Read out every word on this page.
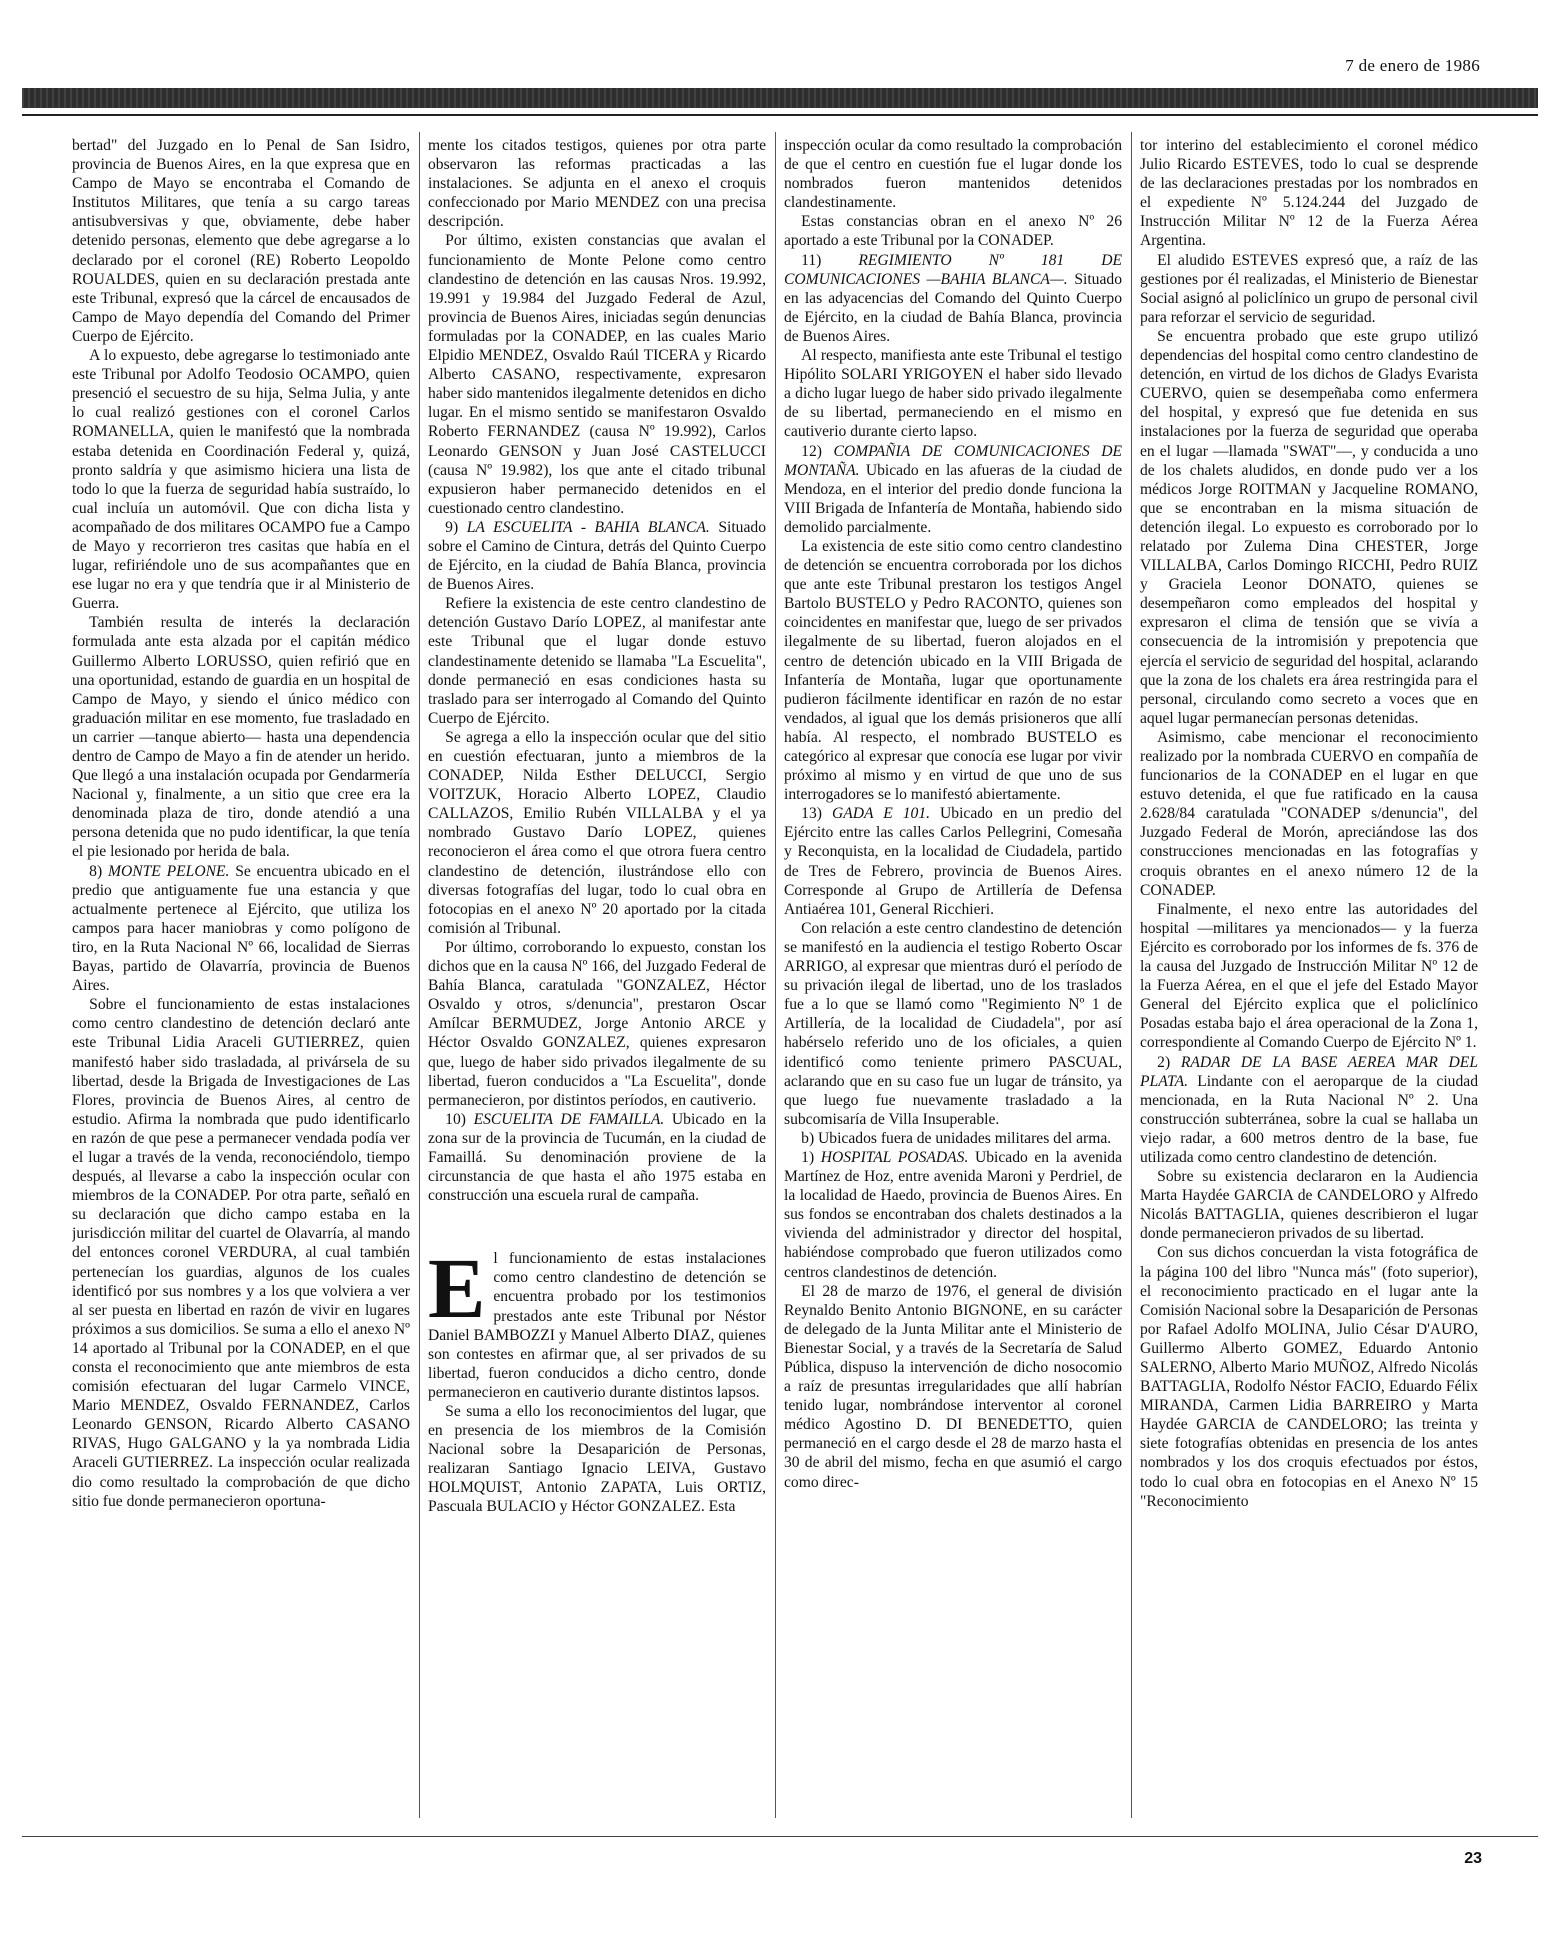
7 de enero de 1986

bertad" del Juzgado en lo Penal de San Isidro, provincia de Buenos Aires, en la que expresa que en Campo de Mayo se encontraba el Comando de Institutos Militares, que tenía a su cargo tareas antisubversivas y que, obviamente, debe haber detenido personas, elemento que debe agregarse a lo declarado por el coronel (RE) Roberto Leopoldo ROUALDES, quien en su declaración prestada ante este Tribunal, expresó que la cárcel de encausados de Campo de Mayo dependía del Comando del Primer Cuerpo de Ejército.

A lo expuesto, debe agregarse lo testimoniado ante este Tribunal por Adolfo Teodosio OCAMPO, quien presenció el secuestro de su hija, Selma Julia, y ante lo cual realizó gestiones con el coronel Carlos ROMANELLA, quien le manifestó que la nombrada estaba detenida en Coordinación Federal y, quizá, pronto saldría y que asimismo hiciera una lista de todo lo que la fuerza de seguridad había sustraído, lo cual incluía un automóvil. Que con dicha lista y acompañado de dos militares OCAMPO fue a Campo de Mayo y recorrieron tres casitas que había en el lugar, refiriéndole uno de sus acompañantes que en ese lugar no era y que tendría que ir al Ministerio de Guerra.

También resulta de interés la declaración formulada ante esta alzada por el capitán médico Guillermo Alberto LORUSSO, quien refirió que en una oportunidad, estando de guardia en un hospital de Campo de Mayo, y siendo el único médico con graduación militar en ese momento, fue trasladado en un carrier —tanque abierto— hasta una dependencia dentro de Campo de Mayo a fin de atender un herido. Que llegó a una instalación ocupada por Gendarmería Nacional y, finalmente, a un sitio que cree era la denominada plaza de tiro, donde atendió a una persona detenida que no pudo identificar, la que tenía el pie lesionado por herida de bala.

8) MONTE PELONE. Se encuentra ubicado en el predio que antiguamente fue una estancia y que actualmente pertenece al Ejército, que utiliza los campos para hacer maniobras y como polígono de tiro, en la Ruta Nacional Nº 66, localidad de Sierras Bayas, partido de Olavarría, provincia de Buenos Aires.

Sobre el funcionamiento de estas instalaciones como centro clandestino de detención declaró ante este Tribunal Lidia Araceli GUTIERREZ, quien manifestó haber sido trasladada, al privársela de su libertad, desde la Brigada de Investigaciones de Las Flores, provincia de Buenos Aires, al centro de estudio. Afirma la nombrada que pudo identificarlo en razón de que pese a permanecer vendada podía ver el lugar a través de la venda, reconociéndolo, tiempo después, al llevarse a cabo la inspección ocular con miembros de la CONADEP. Por otra parte, señaló en su declaración que dicho campo estaba en la jurisdicción militar del cuartel de Olavarría, al mando del entonces coronel VERDURA, al cual también pertenecían los guardias, algunos de los cuales identificó por sus nombres y a los que volviera a ver al ser puesta en libertad en razón de vivir en lugares próximos a sus domicilios. Se suma a ello el anexo Nº 14 aportado al Tribunal por la CONADEP, en el que consta el reconocimiento que ante miembros de esta comisión efectuaran del lugar Carmelo VINCE, Mario MENDEZ, Osvaldo FERNANDEZ, Carlos Leonardo GENSON, Ricardo Alberto CASANO RIVAS, Hugo GALGANO y la ya nombrada Lidia Araceli GUTIERREZ. La inspección ocular realizada dio como resultado la comprobación de que dicho sitio fue donde permanecieron oportuna-

mente los citados testigos, quienes por otra parte observaron las reformas practicadas a las instalaciones. Se adjunta en el anexo el croquis confeccionado por Mario MENDEZ con una precisa descripción.

Por último, existen constancias que avalan el funcionamiento de Monte Pelone como centro clandestino de detención en las causas Nros. 19.992, 19.991 y 19.984 del Juzgado Federal de Azul, provincia de Buenos Aires, iniciadas según denuncias formuladas por la CONADEP, en las cuales Mario Elpidio MENDEZ, Osvaldo Raúl TICERA y Ricardo Alberto CASANO, respectivamente, expresaron haber sido mantenidos ilegalmente detenidos en dicho lugar. En el mismo sentido se manifestaron Osvaldo Roberto FERNANDEZ (causa Nº 19.992), Carlos Leonardo GENSON y Juan José CASTELUCCI (causa Nº 19.982), los que ante el citado tribunal expusieron haber permanecido detenidos en el cuestionado centro clandestino.

9) LA ESCUELITA - BAHIA BLANCA. Situado sobre el Camino de Cintura, detrás del Quinto Cuerpo de Ejército, en la ciudad de Bahía Blanca, provincia de Buenos Aires.

Refiere la existencia de este centro clandestino de detención Gustavo Darío LOPEZ, al manifestar ante este Tribunal que el lugar donde estuvo clandestinamente detenido se llamaba "La Escuelita", donde permaneció en esas condiciones hasta su traslado para ser interrogado al Comando del Quinto Cuerpo de Ejército.

Se agrega a ello la inspección ocular que del sitio en cuestión efectuaran, junto a miembros de la CONADEP, Nilda Esther DELUCCI, Sergio VOITZUK, Horacio Alberto LOPEZ, Claudio CALLAZOS, Emilio Rubén VILLALBA y el ya nombrado Gustavo Darío LOPEZ, quienes reconocieron el área como el que otrora fuera centro clandestino de detención, ilustrándose ello con diversas fotografías del lugar, todo lo cual obra en fotocopias en el anexo Nº 20 aportado por la citada comisión al Tribunal.

Por último, corroborando lo expuesto, constan los dichos que en la causa Nº 166, del Juzgado Federal de Bahía Blanca, caratulada "GONZALEZ, Héctor Osvaldo y otros, s/denuncia", prestaron Oscar Amílcar BERMUDEZ, Jorge Antonio ARCE y Héctor Osvaldo GONZALEZ, quienes expresaron que, luego de haber sido privados ilegalmente de su libertad, fueron conducidos a "La Escuelita", donde permanecieron, por distintos períodos, en cautiverio.

10) ESCUELITA DE FAMAILLA. Ubicado en la zona sur de la provincia de Tucumán, en la ciudad de Famaillá. Su denominación proviene de la circunstancia de que hasta el año 1975 estaba en construcción una escuela rural de campaña.

El funcionamiento de estas instalaciones como centro clandestino de detención se encuentra probado por los testimonios prestados ante este Tribunal por Néstor Daniel BAMBOZZI y Manuel Alberto DIAZ, quienes son contestes en afirmar que, al ser privados de su libertad, fueron conducidos a dicho centro, donde permanecieron en cautiverio durante distintos lapsos.

Se suma a ello los reconocimientos del lugar, que en presencia de los miembros de la Comisión Nacional sobre la Desaparición de Personas, realizaran Santiago Ignacio LEIVA, Gustavo HOLMQUIST, Antonio ZAPATA, Luis ORTIZ, Pascuala BULACIO y Héctor GONZALEZ. Esta

inspección ocular da como resultado la comprobación de que el centro en cuestión fue el lugar donde los nombrados fueron mantenidos detenidos clandestinamente.

Estas constancias obran en el anexo Nº 26 aportado a este Tribunal por la CONADEP.

11) REGIMIENTO Nº 181 DE COMUNICACIONES —BAHIA BLANCA—. Situado en las adyacencias del Comando del Quinto Cuerpo de Ejército, en la ciudad de Bahía Blanca, provincia de Buenos Aires.

Al respecto, manifiesta ante este Tribunal el testigo Hipólito SOLARI YRIGOYEN el haber sido llevado a dicho lugar luego de haber sido privado ilegalmente de su libertad, permaneciendo en el mismo en cautiverio durante cierto lapso.

12) COMPAÑIA DE COMUNICACIONES DE MONTAÑA. Ubicado en las afueras de la ciudad de Mendoza, en el interior del predio donde funciona la VIII Brigada de Infantería de Montaña, habiendo sido demolido parcialmente.

La existencia de este sitio como centro clandestino de detención se encuentra corroborada por los dichos que ante este Tribunal prestaron los testigos Angel Bartolo BUSTELO y Pedro RACONTO, quienes son coincidentes en manifestar que, luego de ser privados ilegalmente de su libertad, fueron alojados en el centro de detención ubicado en la VIII Brigada de Infantería de Montaña, lugar que oportunamente pudieron fácilmente identificar en razón de no estar vendados, al igual que los demás prisioneros que allí había. Al respecto, el nombrado BUSTELO es categórico al expresar que conocía ese lugar por vivir próximo al mismo y en virtud de que uno de sus interrogadores se lo manifestó abiertamente.

13) GADA E 101. Ubicado en un predio del Ejército entre las calles Carlos Pellegrini, Comesaña y Reconquista, en la localidad de Ciudadela, partido de Tres de Febrero, provincia de Buenos Aires. Corresponde al Grupo de Artillería de Defensa Antiaérea 101, General Ricchieri.

Con relación a este centro clandestino de detención se manifestó en la audiencia el testigo Roberto Oscar ARRIGO, al expresar que mientras duró el período de su privación ilegal de libertad, uno de los traslados fue a lo que se llamó como "Regimiento Nº 1 de Artillería, de la localidad de Ciudadela", por así habérselo referido uno de los oficiales, a quien identificó como teniente primero PASCUAL, aclarando que en su caso fue un lugar de tránsito, ya que luego fue nuevamente trasladado a la subcomisaría de Villa Insuperable.

b) Ubicados fuera de unidades militares del arma.

1) HOSPITAL POSADAS. Ubicado en la avenida Martínez de Hoz, entre avenida Maroni y Perdriel, de la localidad de Haedo, provincia de Buenos Aires. En sus fondos se encontraban dos chalets destinados a la vivienda del administrador y director del hospital, habiéndose comprobado que fueron utilizados como centros clandestinos de detención.

El 28 de marzo de 1976, el general de división Reynaldo Benito Antonio BIGNONE, en su carácter de delegado de la Junta Militar ante el Ministerio de Bienestar Social, y a través de la Secretaría de Salud Pública, dispuso la intervención de dicho nosocomio a raíz de presuntas irregularidades que allí habrían tenido lugar, nombrándose interventor al coronel médico Agostino D. DI BENEDETTO, quien permaneció en el cargo desde el 28 de marzo hasta el 30 de abril del mismo, fecha en que asumió el cargo como direc-

tor interino del establecimiento el coronel médico Julio Ricardo ESTEVES, todo lo cual se desprende de las declaraciones prestadas por los nombrados en el expediente Nº 5.124.244 del Juzgado de Instrucción Militar Nº 12 de la Fuerza Aérea Argentina.

El aludido ESTEVES expresó que, a raíz de las gestiones por él realizadas, el Ministerio de Bienestar Social asignó al policlínico un grupo de personal civil para reforzar el servicio de seguridad.

Se encuentra probado que este grupo utilizó dependencias del hospital como centro clandestino de detención, en virtud de los dichos de Gladys Evarista CUERVO, quien se desempeñaba como enfermera del hospital, y expresó que fue detenida en sus instalaciones por la fuerza de seguridad que operaba en el lugar —llamada "SWAT"—, y conducida a uno de los chalets aludidos, en donde pudo ver a los médicos Jorge ROITMAN y Jacqueline ROMANO, que se encontraban en la misma situación de detención ilegal. Lo expuesto es corroborado por lo relatado por Zulema Dina CHESTER, Jorge VILLALBA, Carlos Domingo RICCHI, Pedro RUIZ y Graciela Leonor DONATO, quienes se desempeñaron como empleados del hospital y expresaron el clima de tensión que se vivía a consecuencia de la intromisión y prepotencia que ejercía el servicio de seguridad del hospital, aclarando que la zona de los chalets era área restringida para el personal, circulando como secreto a voces que en aquel lugar permanecían personas detenidas.

Asimismo, cabe mencionar el reconocimiento realizado por la nombrada CUERVO en compañía de funcionarios de la CONADEP en el lugar en que estuvo detenida, el que fue ratificado en la causa 2.628/84 caratulada "CONADEP s/denuncia", del Juzgado Federal de Morón, apreciándose las dos construcciones mencionadas en las fotografías y croquis obrantes en el anexo número 12 de la CONADEP.

Finalmente, el nexo entre las autoridades del hospital —militares ya mencionados— y la fuerza Ejército es corroborado por los informes de fs. 376 de la causa del Juzgado de Instrucción Militar Nº 12 de la Fuerza Aérea, en el que el jefe del Estado Mayor General del Ejército explica que el policlínico Posadas estaba bajo el área operacional de la Zona 1, correspondiente al Comando Cuerpo de Ejército Nº 1.

2) RADAR DE LA BASE AEREA MAR DEL PLATA. Lindante con el aeroparque de la ciudad mencionada, en la Ruta Nacional Nº 2. Una construcción subterránea, sobre la cual se hallaba un viejo radar, a 600 metros dentro de la base, fue utilizada como centro clandestino de detención.

Sobre su existencia declararon en la Audiencia Marta Haydée GARCIA de CANDELORO y Alfredo Nicolás BATTAGLIA, quienes describieron el lugar donde permanecieron privados de su libertad.

Con sus dichos concuerdan la vista fotográfica de la página 100 del libro "Nunca más" (foto superior), el reconocimiento practicado en el lugar ante la Comisión Nacional sobre la Desaparición de Personas por Rafael Adolfo MOLINA, Julio César D'AURO, Guillermo Alberto GOMEZ, Eduardo Antonio SALERNO, Alberto Mario MUÑOZ, Alfredo Nicolás BATTAGLIA, Rodolfo Néstor FACIO, Eduardo Félix MIRANDA, Carmen Lidia BARREIRO y Marta Haydée GARCIA de CANDELORO; las treinta y siete fotografías obtenidas en presencia de los antes nombrados y los dos croquis efectuados por éstos, todo lo cual obra en fotocopias en el Anexo Nº 15 "Reconocimiento

23
